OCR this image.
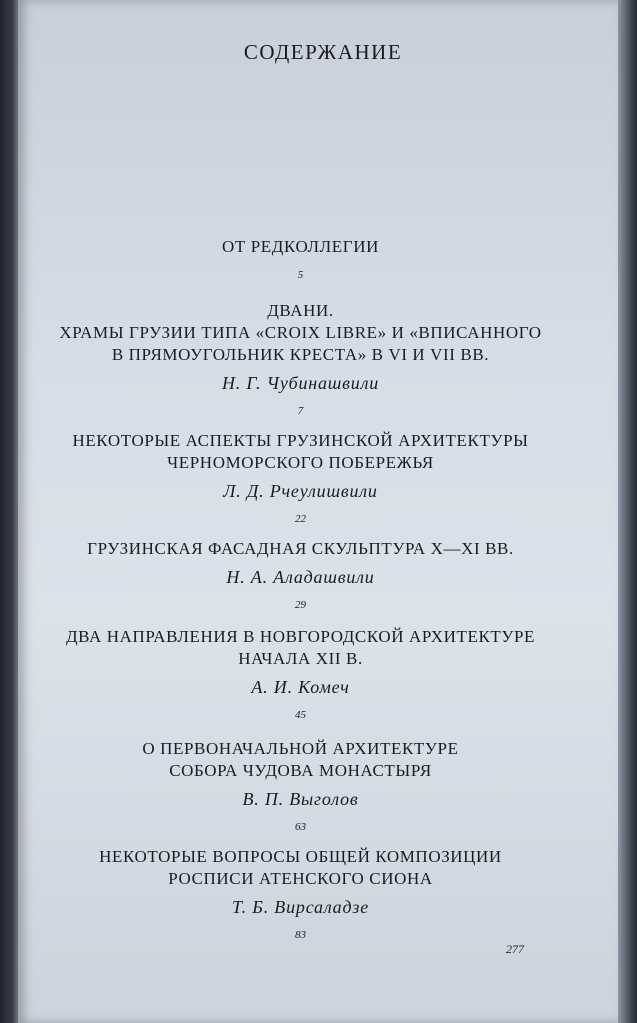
СОДЕРЖАНИЕ
ОТ РЕДКОЛЛЕГИИ
5
ДВАНИ.
ХРАМЫ ГРУЗИИ ТИПА «CROIX LIBRE» И «ВПИСАННОГО
В ПРЯМОУГОЛЬНИК КРЕСТА» В VI И VII ВВ.
Н. Г. Чубинашвили
7
НЕКОТОРЫЕ АСПЕКТЫ ГРУЗИНСКОЙ АРХИТЕКТУРЫ
ЧЕРНОМОРСКОГО ПОБЕРЕЖЬЯ
Л. Д. Рчеулишвили
22
ГРУЗИНСКАЯ ФАСАДНАЯ СКУЛЬПТУРА X—XI ВВ.
Н. А. Аладашвили
29
ДВА НАПРАВЛЕНИЯ В НОВГОРОДСКОЙ АРХИТЕКТУРЕ
НАЧАЛА XII В.
А. И. Комеч
45
О ПЕРВОНАЧАЛЬНОЙ АРХИТЕКТУРЕ
СОБОРА ЧУДОВА МОНАСТЫРЯ
В. П. Выголов
63
НЕКОТОРЫЕ ВОПРОСЫ ОБЩЕЙ КОМПОЗИЦИИ
РОСПИСИ АТЕНСКОГО СИОНА
Т. Б. Вирсаладзе
83
277
